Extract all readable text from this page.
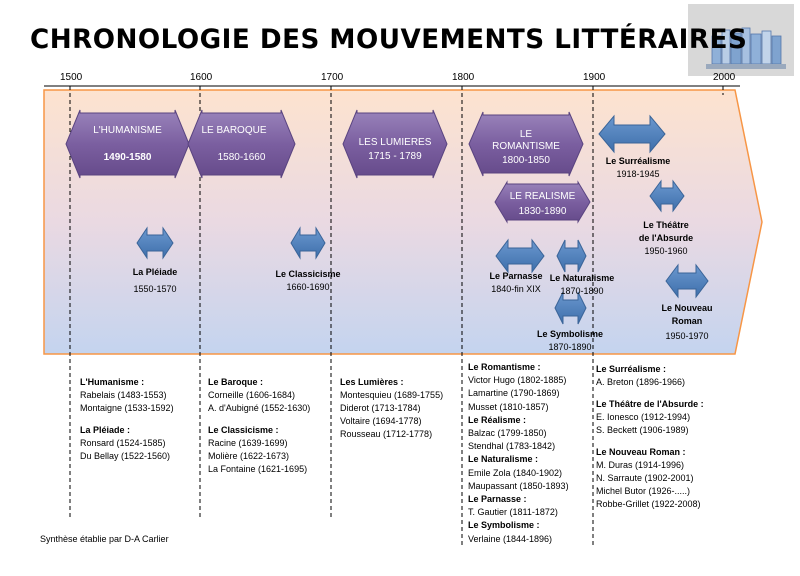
CHRONOLOGIE DES MOUVEMENTS LITTÉRAIRES
1500	1600	1700	1800	1900	2000
L'HUMANISME
1490-1580
LE BAROQUE
1580-1660
LES LUMIERES
1715 - 1789
LE
ROMANTISME
1800-1850
LE REALISME
1830-1890
La Pléiade
1550-1570
Le Classicisme
1660-1690
Le Surréalisme
1918-1945
Le Théâtre
de l'Absurde
1950-1960
Le Parnasse
1840-fin XIX
Le Naturalisme
1870-1890
Le Symbolisme
1870-1890
Le Nouveau
Roman
1950-1970
L'Humanisme :
Rabelais (1483-1553)
Montaigne (1533-1592)
La Pléiade :
Ronsard (1524-1585)
Du Bellay (1522-1560)
Le Baroque :
Corneille (1606-1684)
A. d'Aubigné (1552-1630)
Le Classicisme :
Racine (1639-1699)
Molière (1622-1673)
La Fontaine (1621-1695)
Les Lumières :
Montesquieu (1689-1755)
Diderot (1713-1784)
Voltaire (1694-1778)
Rousseau (1712-1778)
Le Romantisme :
Victor Hugo (1802-1885)
Lamartine (1790-1869)
Musset (1810-1857)
Le Réalisme :
Balzac (1799-1850)
Stendhal (1783-1842)
Le Naturalisme :
Emile Zola (1840-1902)
Maupassant (1850-1893)
Le Parnasse :
T. Gautier (1811-1872)
Le Symbolisme :
Verlaine (1844-1896)
Le Surréalisme :
A. Breton (1896-1966)
Le Théâtre de l'Absurde :
E. Ionesco (1912-1994)
S. Beckett (1906-1989)
Le Nouveau Roman :
M. Duras (1914-1996)
N. Sarraute (1902-2001)
Michel Butor (1926-.....)
Robbe-Grillet (1922-2008)
Synthèse établie par D-A Carlier
